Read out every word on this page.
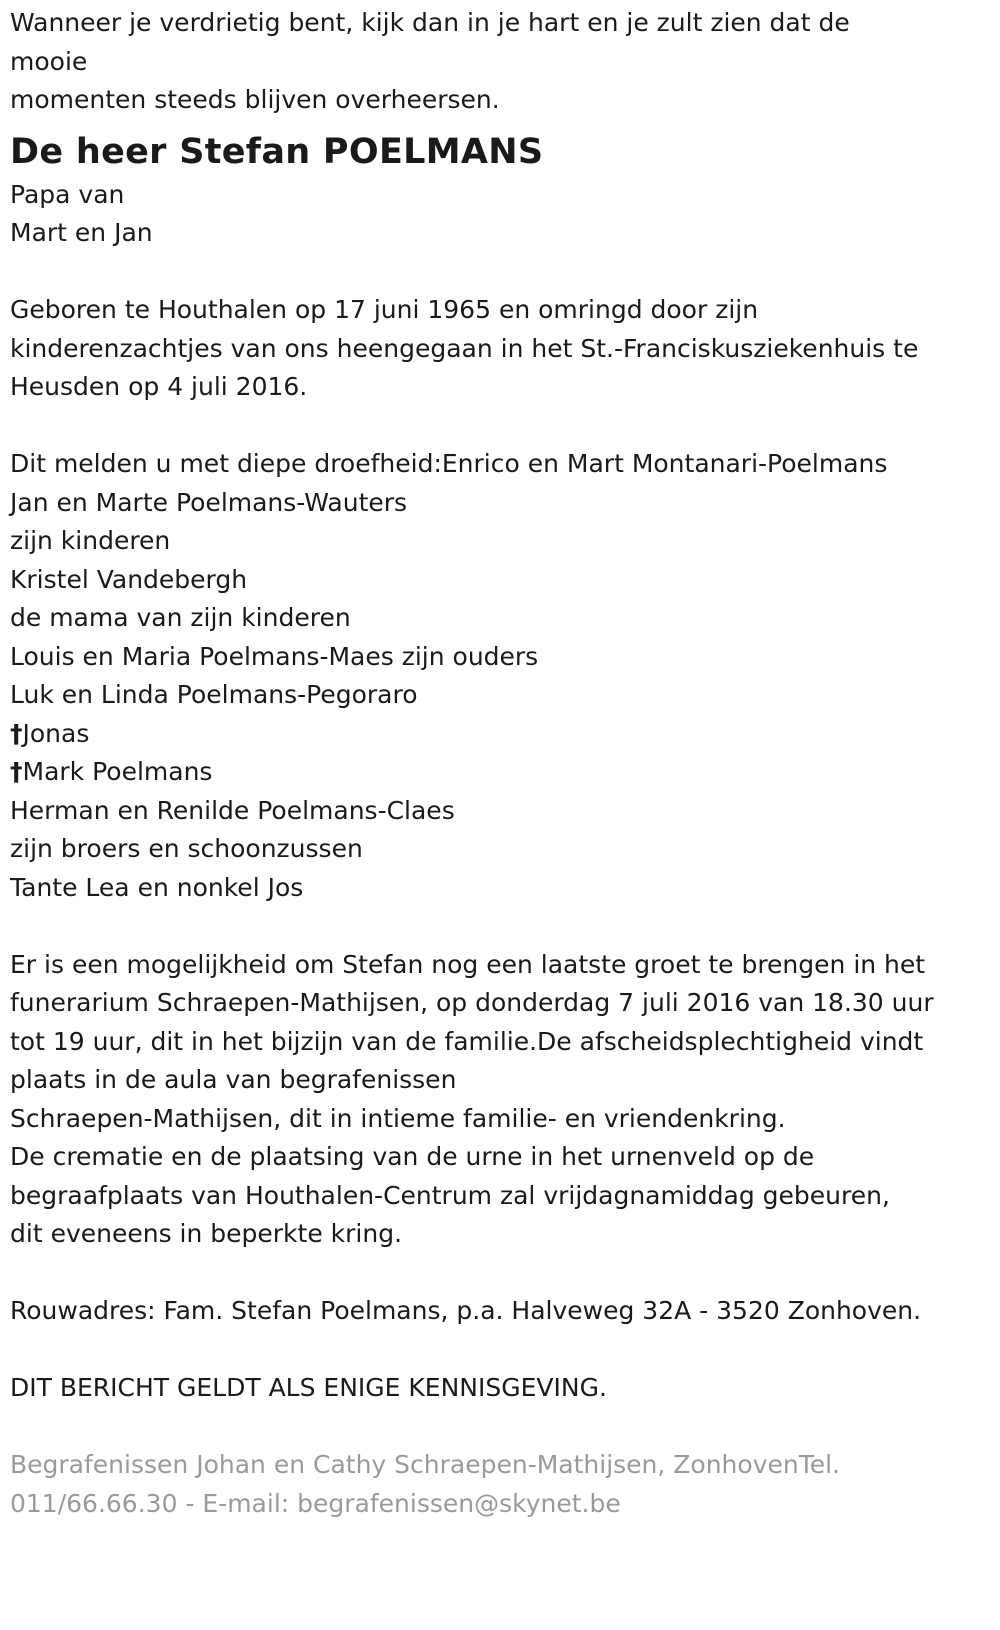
Wanneer je verdrietig bent, kijk dan in je hart en je zult zien dat de
mooie
momenten steeds blijven overheersen.
De heer Stefan POELMANS
Papa van
Mart en Jan
Geboren te Houthalen op 17 juni 1965 en omringd door zijn
kinderenzachtjes van ons heengegaan in het St.-Franciskusziekenhuis te
Heusden op 4 juli 2016.
Dit melden u met diepe droefheid:Enrico en Mart Montanari-Poelmans
Jan en Marte Poelmans-Wauters
zijn kinderen
Kristel Vandebergh
de mama van zijn kinderen
Louis en Maria Poelmans-Maes zijn ouders
Luk en Linda Poelmans-Pegoraro
†Jonas
†Mark Poelmans
Herman en Renilde Poelmans-Claes
zijn broers en schoonzussen
Tante Lea en nonkel Jos
Er is een mogelijkheid om Stefan nog een laatste groet te brengen in het
funerarium Schraepen-Mathijsen, op donderdag 7 juli 2016 van 18.30 uur
tot 19 uur, dit in het bijzijn van de familie.De afscheidsplechtigheid vindt
plaats in de aula van begrafenissen
Schraepen-Mathijsen, dit in intieme familie- en vriendenkring.
De crematie en de plaatsing van de urne in het urnenveld op de
begraafplaats van Houthalen-Centrum zal vrijdagnamiddag gebeuren,
dit eveneens in beperkte kring.
Rouwadres: Fam. Stefan Poelmans, p.a. Halveweg 32A - 3520 Zonhoven.
DIT BERICHT GELDT ALS ENIGE KENNISGEVING.
Begrafenissen Johan en Cathy Schraepen-Mathijsen, ZonhovenTel.
011/66.66.30 - E-mail: begrafenissen@skynet.be
